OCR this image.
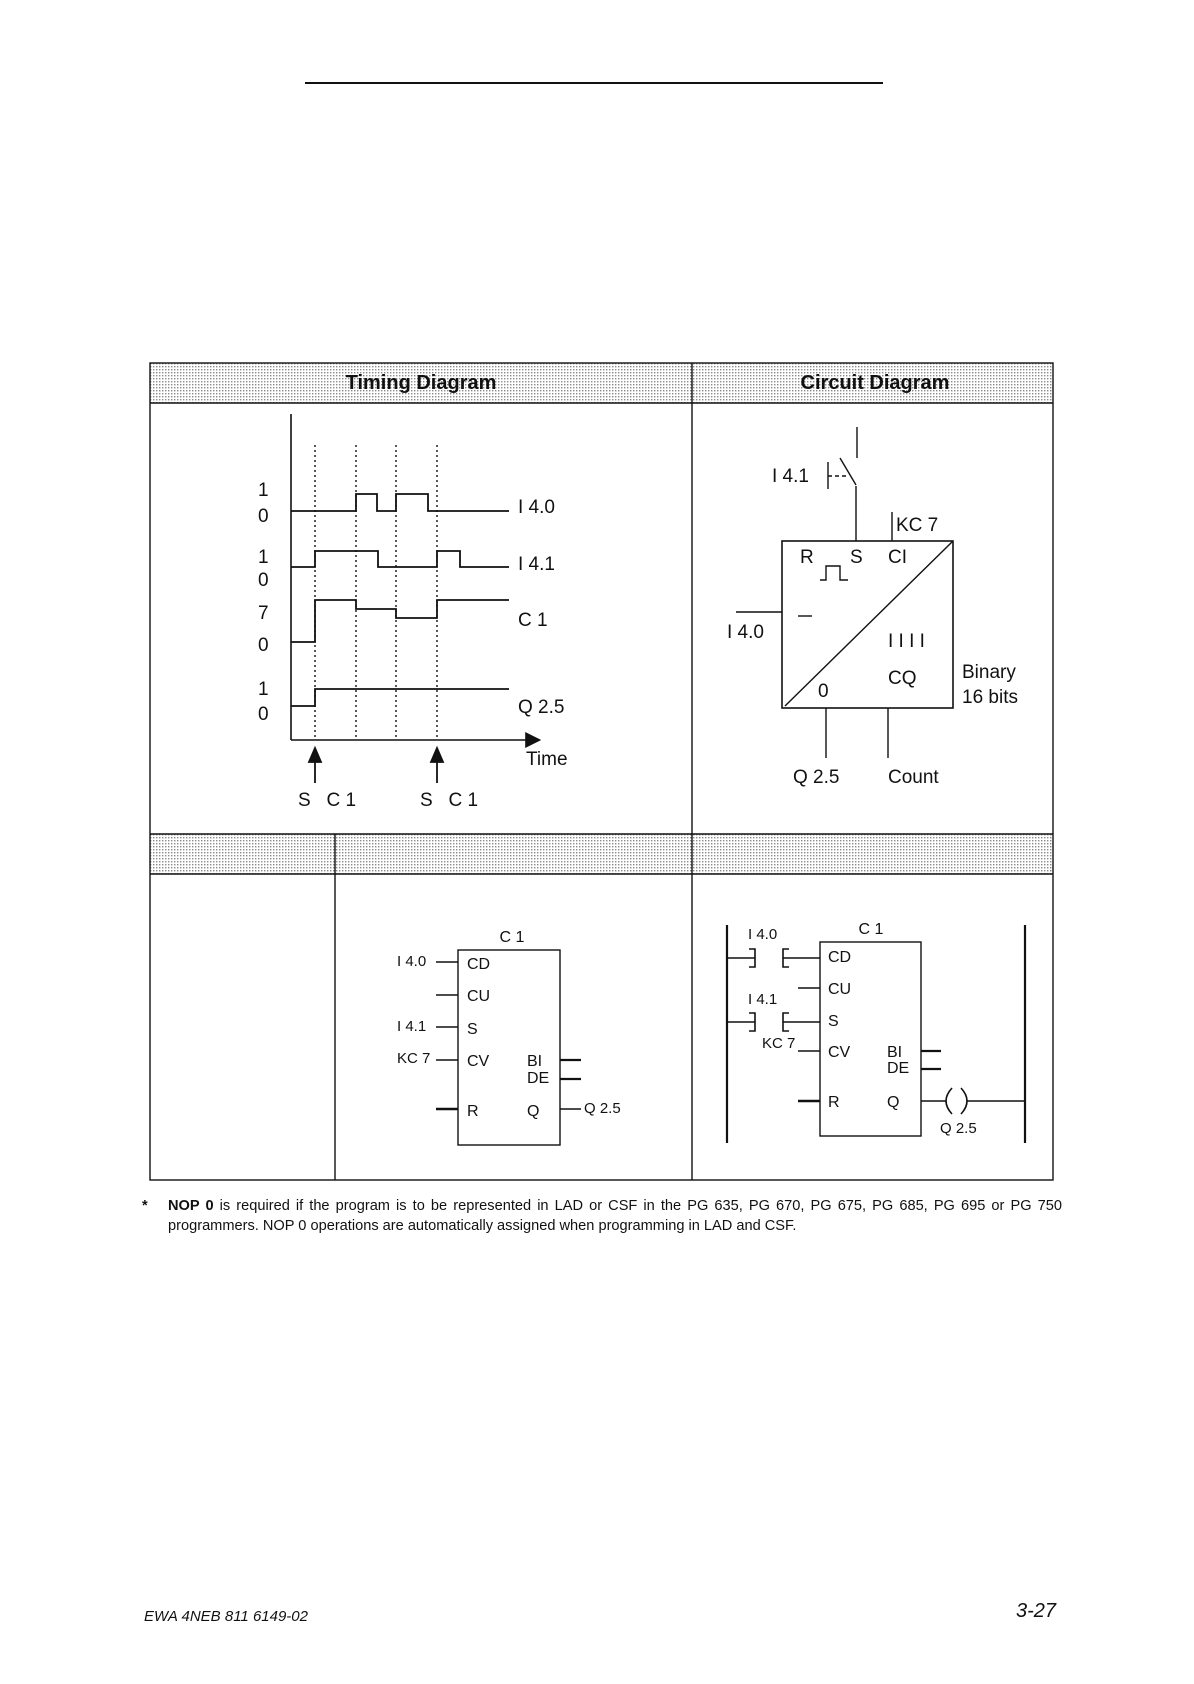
Timing Diagram	Circuit Diagram
1
0
1
0
7
0
1
0
I 4.0
I 4.1
C 1
Q 2.5
Time
S   C 1	S   C 1
I 4.1
KC 7
R S CI
I I I I
CQ
0
I 4.0
Binary
16 bits
Q 2.5	Count
C 1
CD
CU
S
CV
R
BI
DE
Q
I 4.0
I 4.1
KC 7
Q 2.5
C 1
CD
CU
S
CV
R
BI
DE
Q
I 4.0
I 4.1
KC 7
Q 2.5
* NOP 0 is required if the program is to be represented in LAD or CSF in the PG 635, PG 670, PG 675, PG 685, PG 695 or PG 750 programmers. NOP 0 operations are automatically assigned when programming in LAD and CSF.
EWA 4NEB 811 6149-02	3-27
